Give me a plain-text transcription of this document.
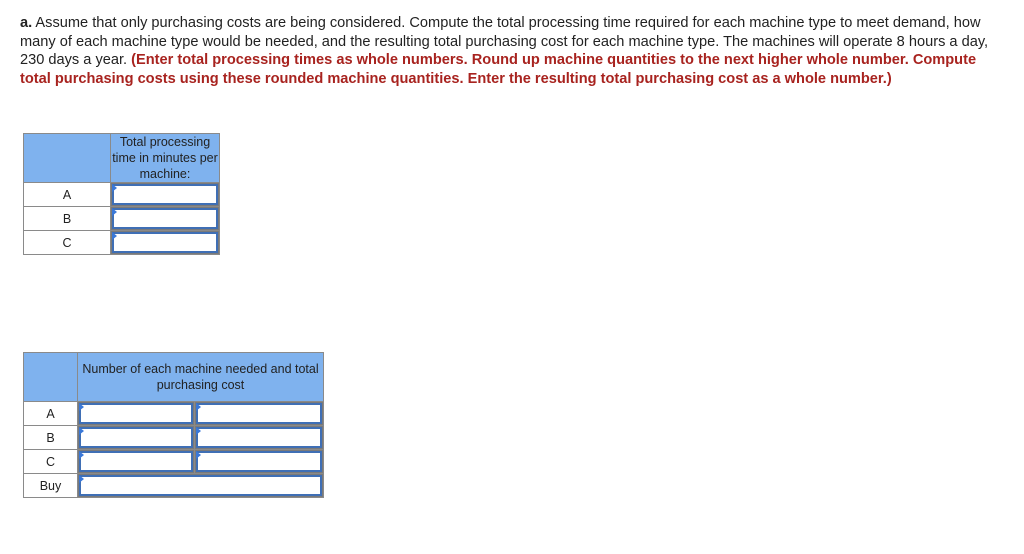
a. Assume that only purchasing costs are being considered. Compute the total processing time required for each machine type to meet demand, how many of each machine type would be needed, and the resulting total purchasing cost for each machine type. The machines will operate 8 hours a day, 230 days a year. (Enter total processing times as whole numbers. Round up machine quantities to the next higher whole number. Compute total purchasing costs using these rounded machine quantities. Enter the resulting total purchasing cost as a whole number.)
	Total processing time in minutes per machine:
A	

B	

C	
	Number of each machine needed and total purchasing cost	
A	

B	

C	

Buy	
